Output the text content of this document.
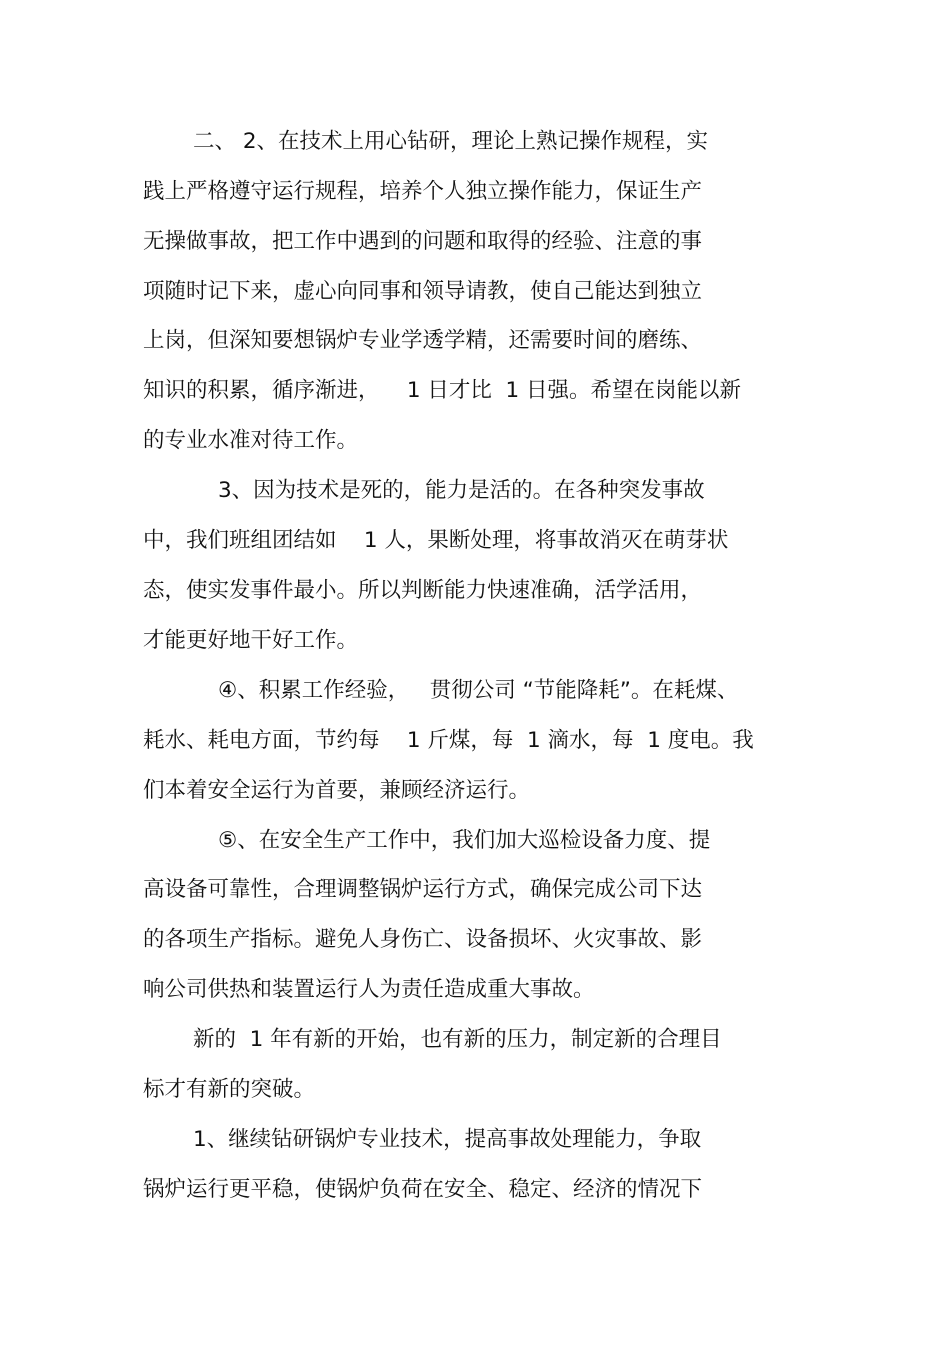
二、 2、在技术上用心钻研，理论上熟记操作规程，实
践上严格遵守运行规程，培养个人独立操作能力，保证生产
无操做事故，把工作中遇到的问题和取得的经验、注意的事
项随时记下来，虚心向同事和领导请教，使自己能达到独立
上岗，但深知要想锅炉专业学透学精，还需要时间的磨练、
知识的积累，循序渐进，    1 日才比  1 日强。希望在岗能以新
的专业水准对待工作。
3、因为技术是死的，能力是活的。在各种突发事故
中，我们班组团结如    1 人，果断处理，将事故消灭在萌芽状
态，使实发事件最小。所以判断能力快速准确，活学活用，
才能更好地干好工作。
④、积累工作经验，   贯彻公司 “节能降耗”。在耗煤、
耗水、耗电方面，节约每    1 斤煤，每  1 滴水，每  1 度电。我
们本着安全运行为首要，兼顾经济运行。
⑤、在安全生产工作中，我们加大巡检设备力度、提
高设备可靠性，合理调整锅炉运行方式，确保完成公司下达
的各项生产指标。避免人身伤亡、设备损坏、火灾事故、影
响公司供热和装置运行人为责任造成重大事故。
新的  1 年有新的开始，也有新的压力，制定新的合理目
标才有新的突破。
1、继续钻研锅炉专业技术，提高事故处理能力，争取
锅炉运行更平稳，使锅炉负荷在安全、稳定、经济的情况下
